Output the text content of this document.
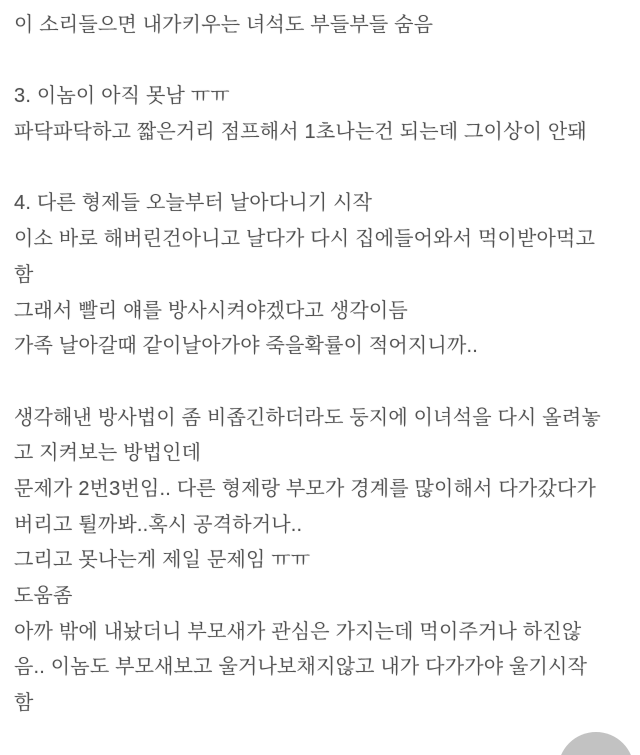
이 소리들으면 내가키우는 녀석도 부들부들 숨음
3. 이놈이 아직 못남 ㅠㅠ
파닥파닥하고 짧은거리 점프해서 1초나는건 되는데 그이상이 안돼
4. 다른 형제들 오늘부터 날아다니기 시작
이소 바로 해버린건아니고 날다가 다시 집에들어와서 먹이받아먹고
함
그래서 빨리 얘를 방사시켜야겠다고 생각이듬
가족 날아갈때 같이날아가야 죽을확률이 적어지니까..
생각해낸 방사법이 좀 비좁긴하더라도 둥지에 이녀석을 다시 올려놓
고 지켜보는 방법인데
문제가 2번3번임.. 다른 형제랑 부모가 경계를 많이해서 다가갔다가
버리고 튈까봐..혹시 공격하거나..
그리고 못나는게 제일 문제임 ㅠㅠ
도움좀
아까 밖에 내놨더니 부모새가 관심은 가지는데 먹이주거나 하진않
음.. 이놈도 부모새보고 울거나보채지않고 내가 다가가야 울기시작
함
